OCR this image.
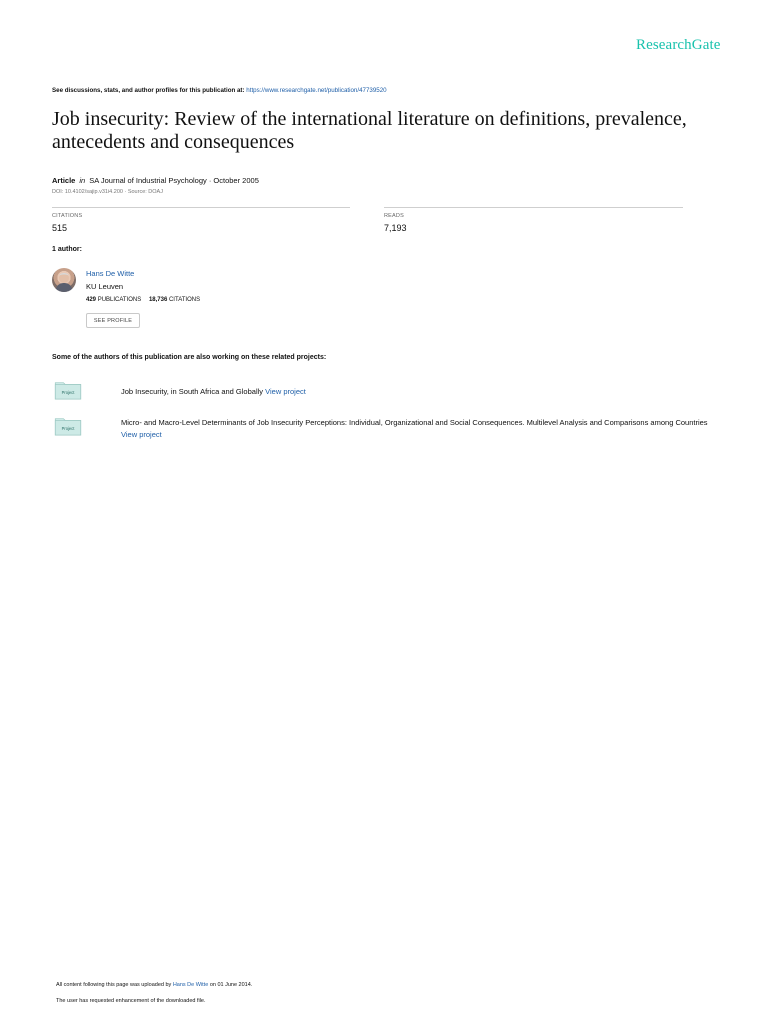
ResearchGate
See discussions, stats, and author profiles for this publication at: https://www.researchgate.net/publication/47739520
Job insecurity: Review of the international literature on definitions, prevalence, antecedents and consequences
Article in SA Journal of Industrial Psychology · October 2005
DOI: 10.4102/sajip.v31i4.200 · Source: DOAJ
CITATIONS
515
READS
7,193
1 author:
Hans De Witte
KU Leuven
429 PUBLICATIONS 18,736 CITATIONS
SEE PROFILE
Some of the authors of this publication are also working on these related projects:
Project	Job Insecurity, in South Africa and Globally View project
Project
Micro- and Macro-Level Determinants of Job Insecurity Perceptions: Individual, Organizational and Social Consequences. Multilevel Analysis and Comparisons among Countries View project
All content following this page was uploaded by Hans De Witte on 01 June 2014.
The user has requested enhancement of the downloaded file.
